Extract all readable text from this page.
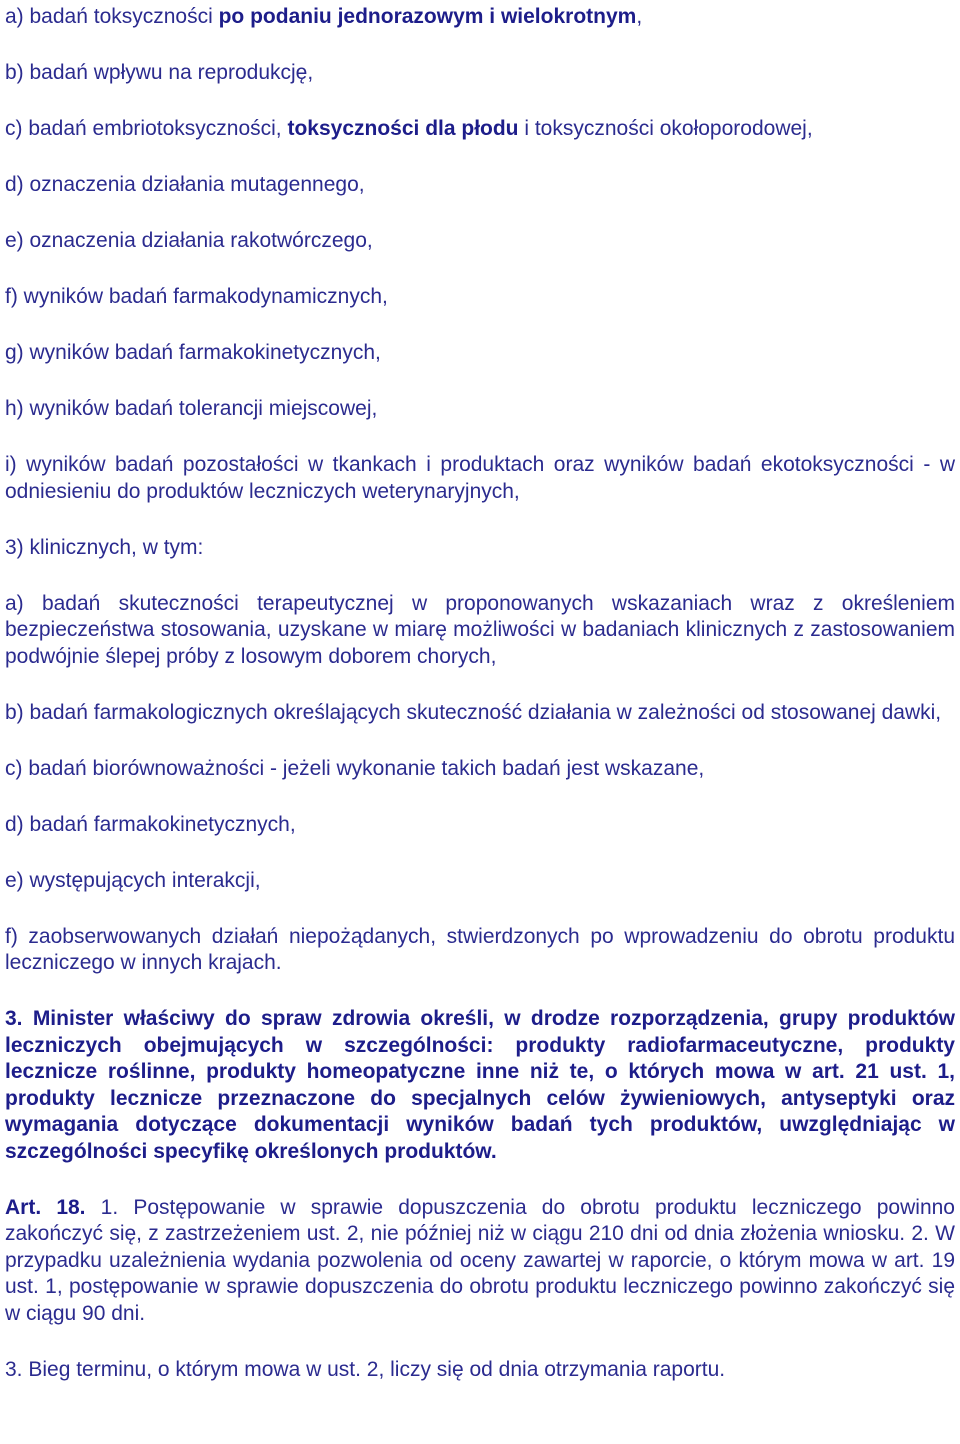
a) badań toksyczności po podaniu jednorazowym i wielokrotnym,

b) badań wpływu na reprodukcję,

c) badań embriotoksyczności, toksyczności dla płodu i toksyczności okołoporodowej,

d) oznaczenia działania mutagennego,

e) oznaczenia działania rakotwórczego,

f) wyników badań farmakodynamicznych,

g) wyników badań farmakokinetycznych,

h) wyników badań tolerancji miejscowej,

i) wyników badań pozostałości w tkankach i produktach oraz wyników badań ekotoksyczności - w odniesieniu do produktów leczniczych weterynaryjnych,

3) klinicznych, w tym:

a) badań skuteczności terapeutycznej w proponowanych wskazaniach wraz z określeniem bezpieczeństwa stosowania, uzyskane w miarę możliwości w badaniach klinicznych z zastosowaniem podwójnie ślepej próby z losowym doborem chorych,

b) badań farmakologicznych określających skuteczność działania w zależności od stosowanej dawki,

c) badań biorównoważności - jeżeli wykonanie takich badań jest wskazane,

d) badań farmakokinetycznych,

e) występujących interakcji,

f) zaobserwowanych działań niepożądanych, stwierdzonych po wprowadzeniu do obrotu produktu leczniczego w innych krajach.

3. Minister właściwy do spraw zdrowia określi, w drodze rozporządzenia, grupy produktów leczniczych obejmujących w szczególności: produkty radiofarmaceutyczne, produkty lecznicze roślinne, produkty homeopatyczne inne niż te, o których mowa w art. 21 ust. 1, produkty lecznicze przeznaczone do specjalnych celów żywieniowych, antyseptyki oraz wymagania dotyczące dokumentacji wyników badań tych produktów, uwzględniając w szczególności specyfikę określonych produktów.

Art. 18. 1. Postępowanie w sprawie dopuszczenia do obrotu produktu leczniczego powinno zakończyć się, z zastrzeżeniem ust. 2, nie później niż w ciągu 210 dni od dnia złożenia wniosku. 2. W przypadku uzależnienia wydania pozwolenia od oceny zawartej w raporcie, o którym mowa w art. 19 ust. 1, postępowanie w sprawie dopuszczenia do obrotu produktu leczniczego powinno zakończyć się w ciągu 90 dni.

3. Bieg terminu, o którym mowa w ust. 2, liczy się od dnia otrzymania raportu.
